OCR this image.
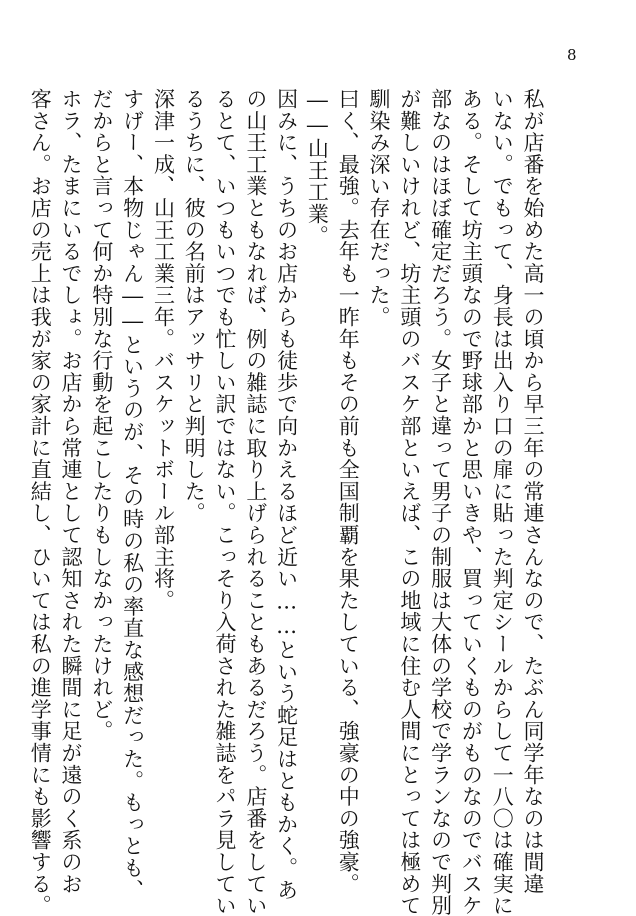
8
私が店番を始めた高一の頃から早三年の常連さんなので、たぶん同学年なのは間違
いない。でもって、身長は出入り口の扉に貼った判定シールからして一八〇は確実に
ある。そして坊主頭なので野球部かと思いきや、買っていくものがものなのでバスケ
部なのはほぼ確定だろう。女子と違って男子の制服は大体の学校で学ランなので判別
が難しいけれど、坊主頭のバスケ部といえば、この地域に住む人間にとっては極めて
馴染み深い存在だった。
曰く、最強。去年も一昨年もその前も全国制覇を果たしている、強豪の中の強豪。
――山王工業。
因みに、うちのお店からも徒歩で向かえるほど近い……という蛇足はともかく。あ
の山王工業ともなれば、例の雑誌に取り上げられることもあるだろう。店番をしてい
るとて、いつもいつでも忙しい訳ではない。こっそり入荷された雑誌をパラ見してい
るうちに、彼の名前はアッサリと判明した。
深津一成、山王工業三年。バスケットボール部主将。
すげー、本物じゃん――というのが、その時の私の率直な感想だった。もっとも、
だからと言って何か特別な行動を起こしたりもしなかったけれど。
ホラ、たまにいるでしょ。お店から常連として認知された瞬間に足が遠のく系のお
客さん。お店の売上は我が家の家計に直結し、ひいては私の進学事情にも影響する。
